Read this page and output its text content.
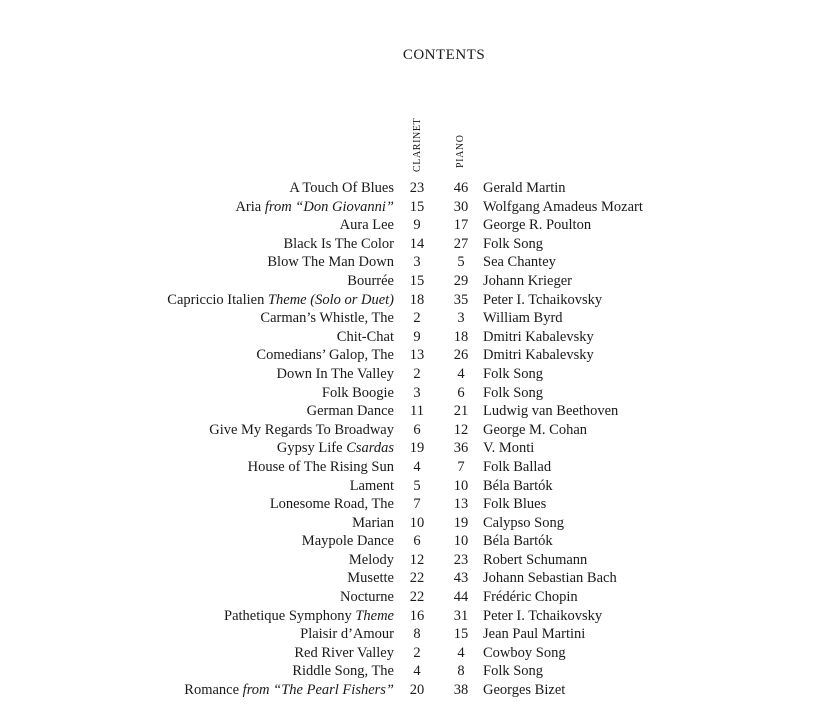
CONTENTS
CLARINET	PIANO
A Touch Of Blues	23	46	Gerald Martin
Aria from “Don Giovanni”	15	30	Wolfgang Amadeus Mozart
Aura Lee	9	17	George R. Poulton
Black Is The Color	14	27	Folk Song
Blow The Man Down	3	5	Sea Chantey
Bourrée	15	29	Johann Krieger
Capriccio Italien Theme (Solo or Duet)	18	35	Peter I. Tchaikovsky
Carman’s Whistle, The	2	3	William Byrd
Chit-Chat	9	18	Dmitri Kabalevsky
Comedians’ Galop, The	13	26	Dmitri Kabalevsky
Down In The Valley	2	4	Folk Song
Folk Boogie	3	6	Folk Song
German Dance	11	21	Ludwig van Beethoven
Give My Regards To Broadway	6	12	George M. Cohan
Gypsy Life Csardas	19	36	V. Monti
House of The Rising Sun	4	7	Folk Ballad
Lament	5	10	Béla Bartók
Lonesome Road, The	7	13	Folk Blues
Marian	10	19	Calypso Song
Maypole Dance	6	10	Béla Bartók
Melody	12	23	Robert Schumann
Musette	22	43	Johann Sebastian Bach
Nocturne	22	44	Frédéric Chopin
Pathetique Symphony Theme	16	31	Peter I. Tchaikovsky
Plaisir d’Amour	8	15	Jean Paul Martini
Red River Valley	2	4	Cowboy Song
Riddle Song, The	4	8	Folk Song
Romance from “The Pearl Fishers”	20	38	Georges Bizet
